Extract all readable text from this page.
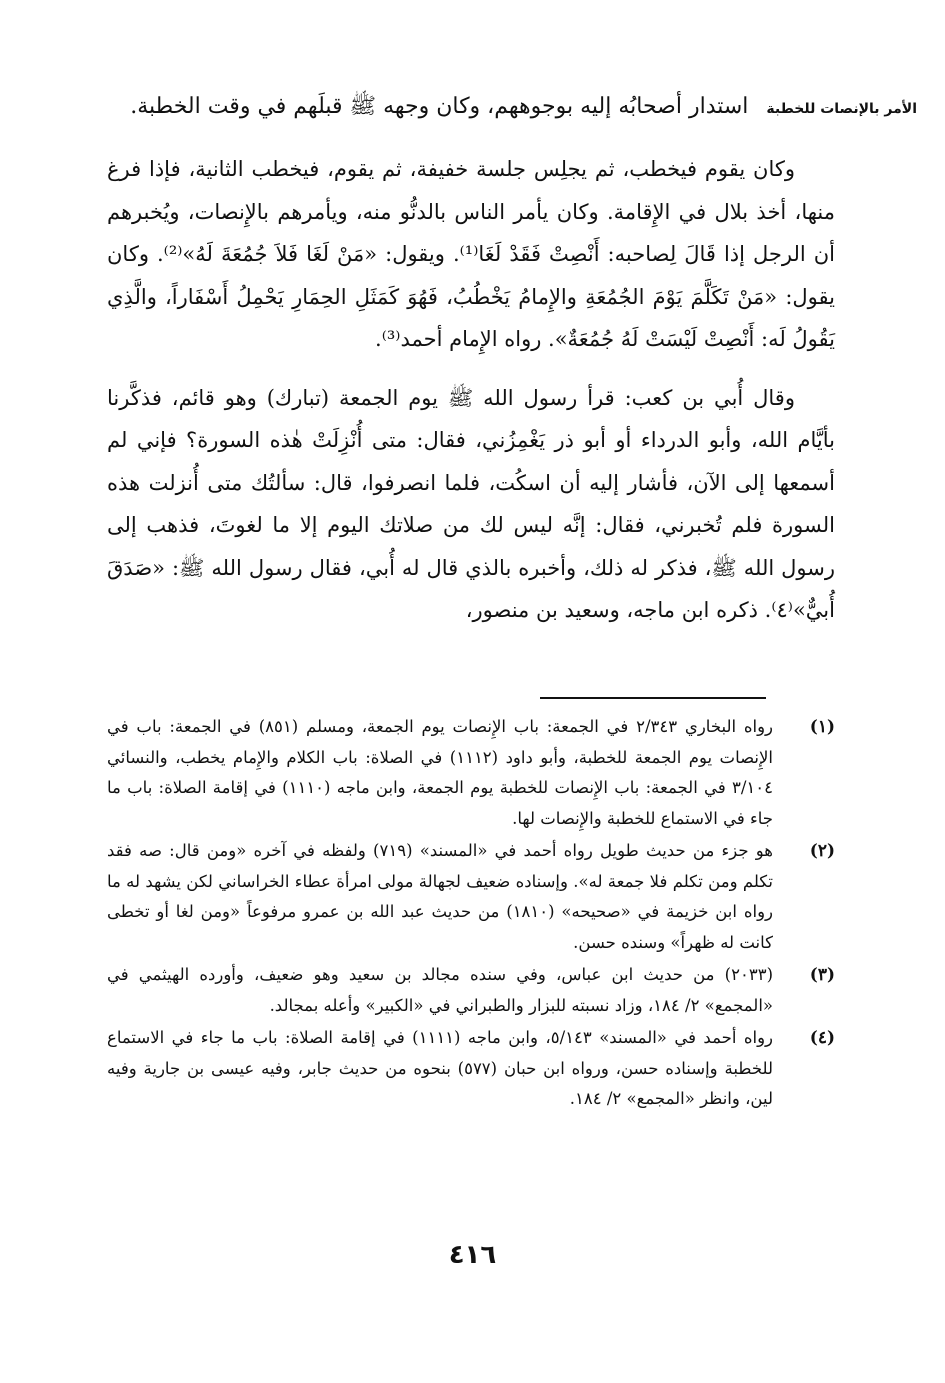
الأمر بالإنصات للخطبة
استدار أصحابُه إليه بوجوههم، وكان وجهه ﷺ قبلَهم في وقت الخطبة.

وكان يقوم فيخطب، ثم يجلِس جلسة خفيفة، ثم يقوم، فيخطب الثانية، فإذا فرغ منها، أخذ بلال في الإِقامة. وكان يأمر الناس بالدنُّو منه، ويأمرهم بالإِنصات، ويُخبرهم أن الرجل إذا قَالَ لِصاحبه: أَنْصِتْ فَقَدْ لَغَا⁽¹⁾. ويقول: «مَنْ لَغَا فَلاَ جُمُعَةَ لَهُ»⁽²⁾. وكان يقول: «مَنْ تَكَلَّمَ يَوْمَ الجُمُعَةِ والإِمامُ يَخْطُبُ، فَهُوَ كَمَثَلِ الحِمَارِ يَحْمِلُ أَسْفَاراً، والَّذِي يَقُولُ لَه: أَنْصِتْ لَيْسَتْ لَهُ جُمُعَةٌ». رواه الإِمام أحمد⁽³⁾.

وقال أُبي بن كعب: قرأ رسول الله ﷺ يوم الجمعة (تبارك) وهو قائم، فذكَّرنا بأيَّام الله، وأبو الدرداء أو أبو ذر يَغْمِزُني، فقال: متى أُنْزِلَتْ هٰذه السورة؟ فإني لم أسمعها إلى الآن، فأشار إليه أن اسكُت، فلما انصرفوا، قال: سألتُك متى أُنزلت هذه السورة فلم تُخبرني، فقال: إنَّه ليس لك من صلاتك اليوم إلا ما لغوتَ، فذهب إلى رسول الله ﷺ، فذكر له ذلك، وأخبره بالذي قال له أُبي، فقال رسول الله ﷺ: «صَدَقَ أُبيٌّ»⁽٤⁾. ذكره ابن ماجه، وسعيد بن منصور،

(١)
رواه البخاري ٢/٣٤٣ في الجمعة: باب الإِنصات يوم الجمعة، ومسلم (٨٥١) في الجمعة: باب في الإِنصات يوم الجمعة للخطبة، وأبو داود (١١١٢) في الصلاة: باب الكلام والإِمام يخطب، والنسائي ٣/١٠٤ في الجمعة: باب الإِنصات للخطبة يوم الجمعة، وابن ماجه (١١١٠) في إقامة الصلاة: باب ما جاء في الاستماع للخطبة والإِنصات لها.
(٢)
هو جزء من حديث طويل رواه أحمد في «المسند» (٧١٩) ولفظه في آخره «ومن قال: صه فقد تكلم ومن تكلم فلا جمعة له». وإسناده ضعيف لجهالة مولى امرأة عطاء الخراساني لكن يشهد له ما رواه ابن خزيمة في «صحيحه» (١٨١٠) من حديث عبد الله بن عمرو مرفوعاً «ومن لغا أو تخطى كانت له ظهراً» وسنده حسن.
(٣)
(٢٠٣٣) من حديث ابن عباس، وفي سنده مجالد بن سعيد وهو ضعيف، وأورده الهيثمي في «المجمع» ٢/ ١٨٤، وزاد نسبته للبزار والطبراني في «الكبير» وأعله بمجالد.
(٤)
رواه أحمد في «المسند» ٥/١٤٣، وابن ماجه (١١١١) في إقامة الصلاة: باب ما جاء في الاستماع للخطبة وإسناده حسن، ورواه ابن حبان (٥٧٧) بنحوه من حديث جابر، وفيه عيسى بن جارية وفيه لين، وانظر «المجمع» ٢/ ١٨٤.
٤١٦
